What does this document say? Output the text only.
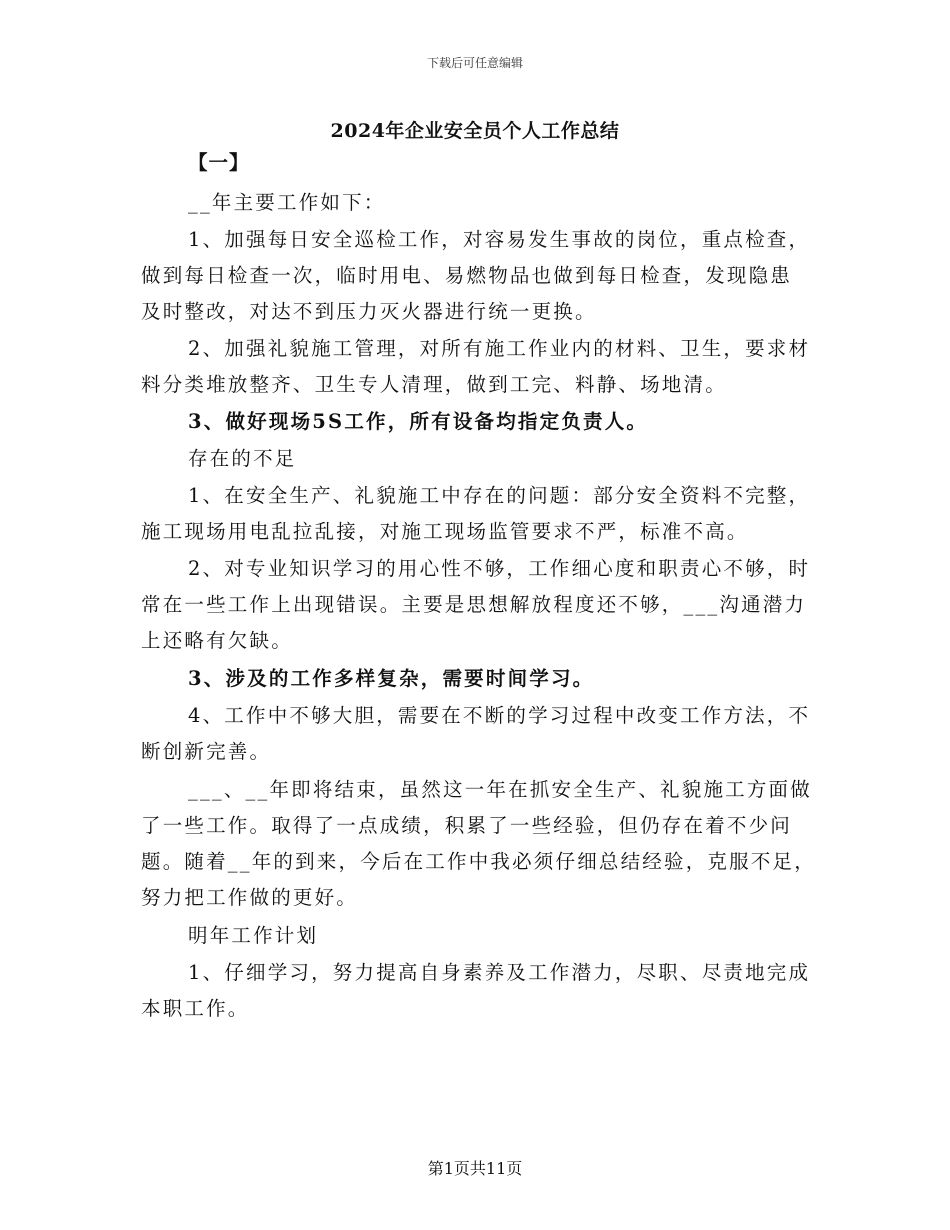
下载后可任意编辑
2024年企业安全员个人工作总结
【一】
__年主要工作如下：
1、加强每日安全巡检工作，对容易发生事故的岗位，重点检查，
做到每日检查一次，临时用电、易燃物品也做到每日检查，发现隐患
及时整改，对达不到压力灭火器进行统一更换。
2、加强礼貌施工管理，对所有施工作业内的材料、卫生，要求材
料分类堆放整齐、卫生专人清理，做到工完、料静、场地清。
3、做好现场5S工作，所有设备均指定负责人。
存在的不足
1、在安全生产、礼貌施工中存在的问题：部分安全资料不完整，
施工现场用电乱拉乱接，对施工现场监管要求不严，标准不高。
2、对专业知识学习的用心性不够，工作细心度和职责心不够，时
常在一些工作上出现错误。主要是思想解放程度还不够，___沟通潜力
上还略有欠缺。
3、涉及的工作多样复杂，需要时间学习。
4、工作中不够大胆，需要在不断的学习过程中改变工作方法，不
断创新完善。
___、__年即将结束，虽然这一年在抓安全生产、礼貌施工方面做
了一些工作。取得了一点成绩，积累了一些经验，但仍存在着不少问
题。随着__年的到来，今后在工作中我必须仔细总结经验，克服不足，
努力把工作做的更好。
明年工作计划
1、仔细学习，努力提高自身素养及工作潜力，尽职、尽责地完成
本职工作。
第1页共11页
